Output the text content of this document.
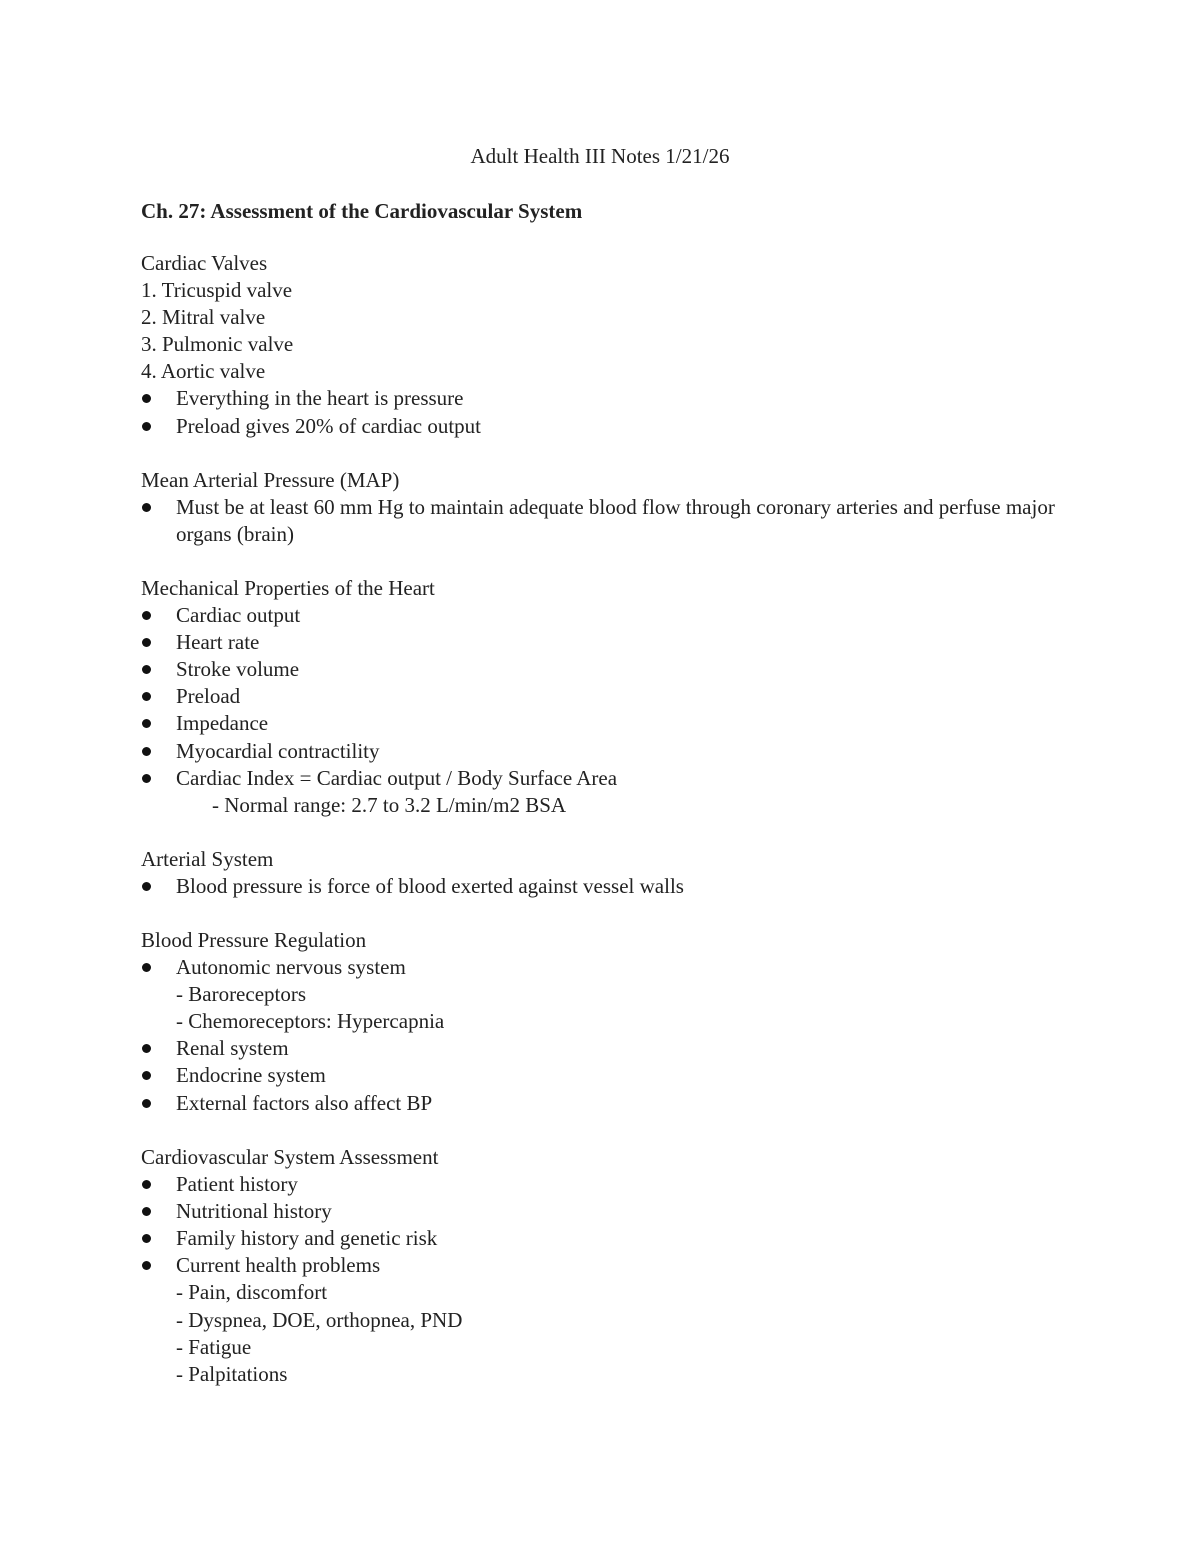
Adult Health III Notes 1/21/26
Ch. 27: Assessment of the Cardiovascular System
Cardiac Valves
1. Tricuspid valve
2. Mitral valve
3. Pulmonic valve
4. Aortic valve
Everything in the heart is pressure
Preload gives 20% of cardiac output
Mean Arterial Pressure (MAP)
Must be at least 60 mm Hg to maintain adequate blood flow through coronary arteries and perfuse major organs (brain)
Mechanical Properties of the Heart
Cardiac output
Heart rate
Stroke volume
Preload
Impedance
Myocardial contractility
Cardiac Index = Cardiac output / Body Surface Area
- Normal range: 2.7 to 3.2 L/min/m2 BSA
Arterial System
Blood pressure is force of blood exerted against vessel walls
Blood Pressure Regulation
Autonomic nervous system
- Baroreceptors
- Chemoreceptors: Hypercapnia
Renal system
Endocrine system
External factors also affect BP
Cardiovascular System Assessment
Patient history
Nutritional history
Family history and genetic risk
Current health problems
- Pain, discomfort
- Dyspnea, DOE, orthopnea, PND
- Fatigue
- Palpitations
